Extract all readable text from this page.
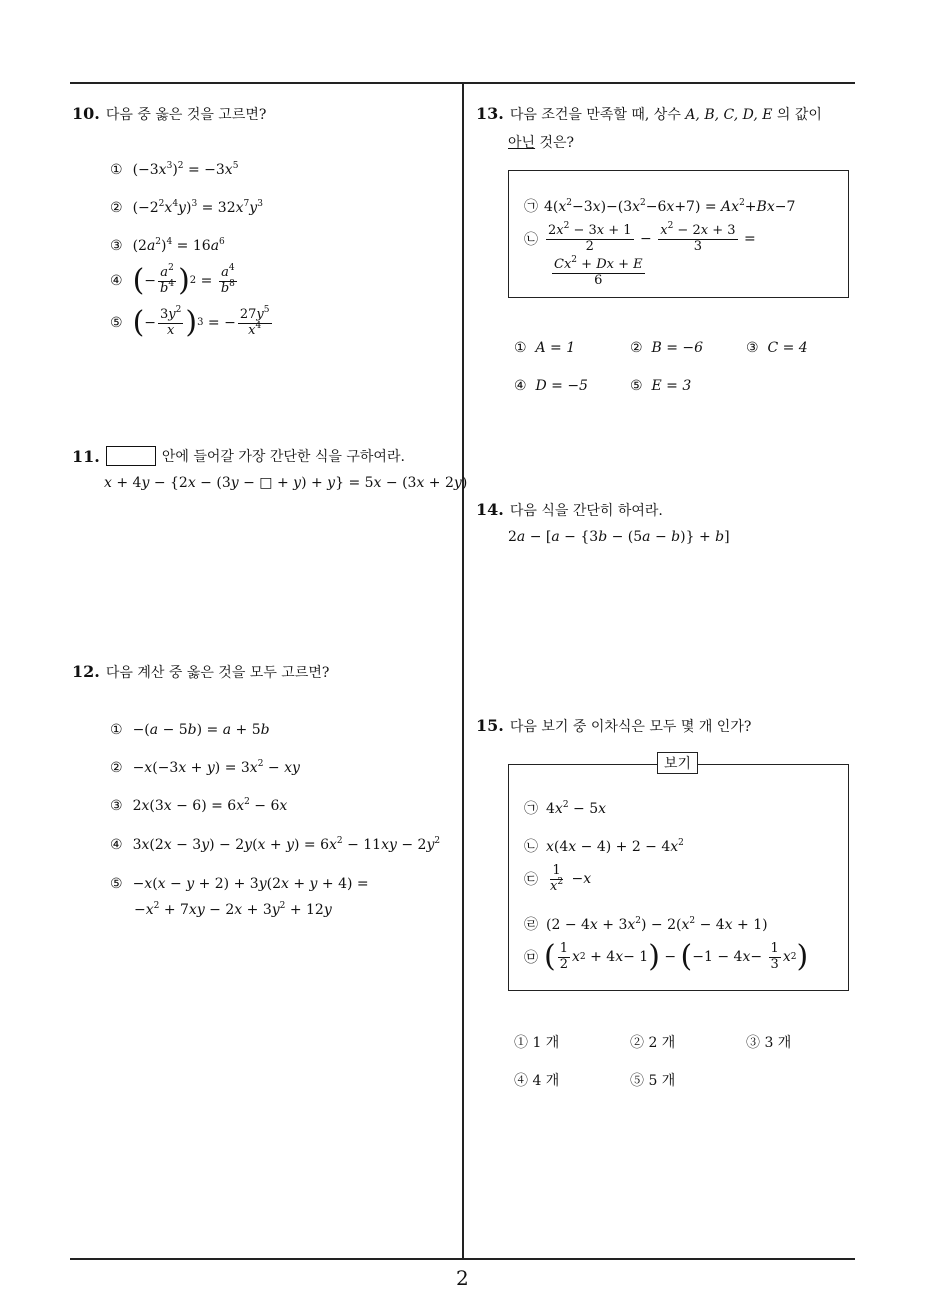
10. 다음 중 옳은 것을 고르면?
① $(-3x^3)^2 = -3x^5$
② $(-2^2x^4y)^3 = 32x^7y^3$
③ $(2a^2)^4 = 16a^6$
④ ( − $\frac{a^2}{b^4}$ ) $2 = \frac{a^4}{b^8}$
⑤ ( − $\frac{3y^2}{x}$ ) 3 = − $\frac{27y^5}{x^4}$
11.	안에 들어갈 가장 간단한 식을 구하여라.
x + 4y − {2x − (3y − □ + y) + y} = 5x − (3x + 2y)
12. 다음 계산 중 옳은 것을 모두 고르면?
① −(a − 5b) = a + 5b
② $-x(-3x + y) = 3x^2$ − xy
③ $2x(3x - 6) = 6x^2 - 6x$
④ $3x(2x - 3y) - 2y(x + y) = 6x^2 - 11xy - 2y^2$
⑤ −x(x − y + 2) + 3y(2x + y + 4) =
$-x^2 + 7xy - 2x + 3y^2 + 12y$
13. 다음 조건을 만족할 때, 상수 A, B, C, D, E 의 값이
아닌 것은?
㉠ $4(x^2-3x)-(3x^2-6x+7) = Ax^2+Bx-7$
㉡ $\frac{2x^2 - 3x + 1}{2} - \frac{x^2 - 2x + 3}{3}$ =
$\frac{Cx^2 + Dx + E}{6}$
①  A = 1	②  B = −6	③  C = 4
④  D = −5	⑤  E = 3
14. 다음 식을 간단히 하여라.
2a − [a − {3b − (5a − b)} + b]
15. 다음 보기 중 이차식은 모두 몇 개 인가?
보기
㉠ $4x^2 - 5x$
㉡ $x(4x - 4) + 2 - 4x^2$
㉢ $\frac{1}{x^2} - x$
㉣ $(2 - 4x + 3x^2) - 2(x^2 - 4x + 1)$
㉤ ( $\frac{1}{2}$ x 2 + 4 x − 1 ) − ( −1 − 4 $x - \frac{1}{3}$ x 2 )
① 1 개	② 2 개	③ 3 개
④ 4 개	⑤ 5 개
2
